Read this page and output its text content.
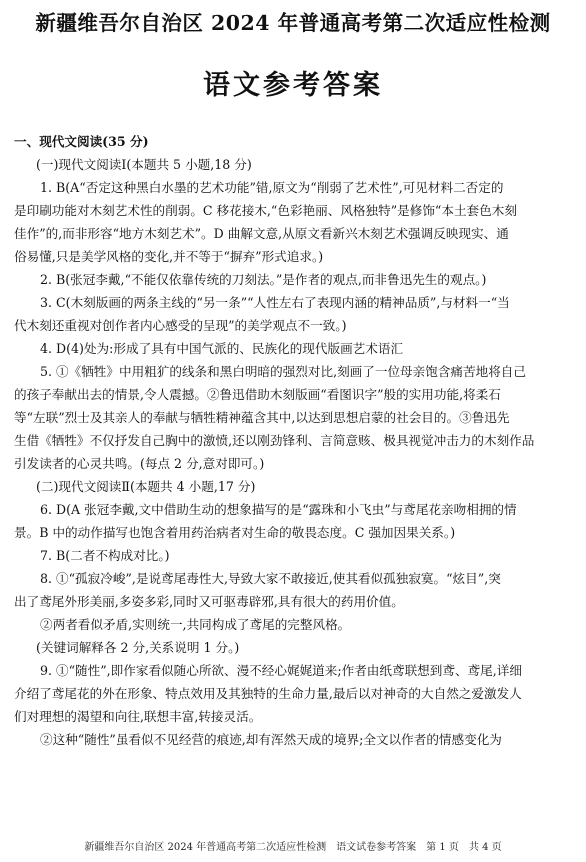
新疆维吾尔自治区 2024 年普通高考第二次适应性检测
语文参考答案
一、现代文阅读(35 分)
(一)现代文阅读Ⅰ(本题共 5 小题,18 分)
1. B(A“否定这种黑白水墨的艺术功能”错,原文为“削弱了艺术性”,可见材料二否定的
是印刷功能对木刻艺术性的削弱。C 移花接木,“色彩艳丽、风格独特”是修饰“本土套色木刻
佳作”的,而非形容“地方木刻艺术”。D 曲解文意,从原文看新兴木刻艺术强调反映现实、通
俗易懂,只是美学风格的变化,并不等于“摒弃”形式追求。)
2. B(张冠李戴,“不能仅依靠传统的刀刻法。”是作者的观点,而非鲁迅先生的观点。)
3. C(木刻版画的两条主线的“另一条”“人性左右了表现内涵的精神品质”,与材料一“当
代木刻还重视对创作者内心感受的呈现”的美学观点不一致。)
4. D(4)处为:形成了具有中国气派的、民族化的现代版画艺术语汇
5. ①《牺牲》中用粗犷的线条和黑白明暗的强烈对比,刻画了一位母亲饱含痛苦地将自己
的孩子奉献出去的情景,令人震撼。②鲁迅借助木刻版画“看图识字”般的实用功能,将柔石
等“左联”烈士及其亲人的奉献与牺牲精神蕴含其中,以达到思想启蒙的社会目的。③鲁迅先
生借《牺牲》不仅抒发自己胸中的激愤,还以刚劲锋利、言简意赅、极具视觉冲击力的木刻作品
引发读者的心灵共鸣。(每点 2 分,意对即可。)
(二)现代文阅读Ⅱ(本题共 4 小题,17 分)
6. D(A 张冠李戴,文中借助生动的想象描写的是“露珠和小飞虫”与鸢尾花亲吻相拥的情
景。B 中的动作描写也饱含着用药治病者对生命的敬畏态度。C 强加因果关系。)
7. B(二者不构成对比。)
8. ①“孤寂冷峻”,是说鸢尾毒性大,导致大家不敢接近,使其看似孤独寂寞。“炫目”,突
出了鸢尾外形美丽,多姿多彩,同时又可驱毒辟邪,具有很大的药用价值。
②两者看似矛盾,实则统一,共同构成了鸢尾的完整风格。
(关键词解释各 2 分,关系说明 1 分。)
9. ①“随性”,即作家看似随心所欲、漫不经心娓娓道来;作者由纸鸢联想到鸢、鸢尾,详细
介绍了鸢尾花的外在形象、特点效用及其独特的生命力量,最后以对神奇的大自然之爱激发人
们对理想的渴望和向往,联想丰富,转接灵活。
②这种“随性”虽看似不见经营的痕迹,却有浑然天成的境界;全文以作者的情感变化为
新疆维吾尔自治区 2024 年普通高考第二次适应性检测　语文试卷参考答案　第 1 页　共 4 页
